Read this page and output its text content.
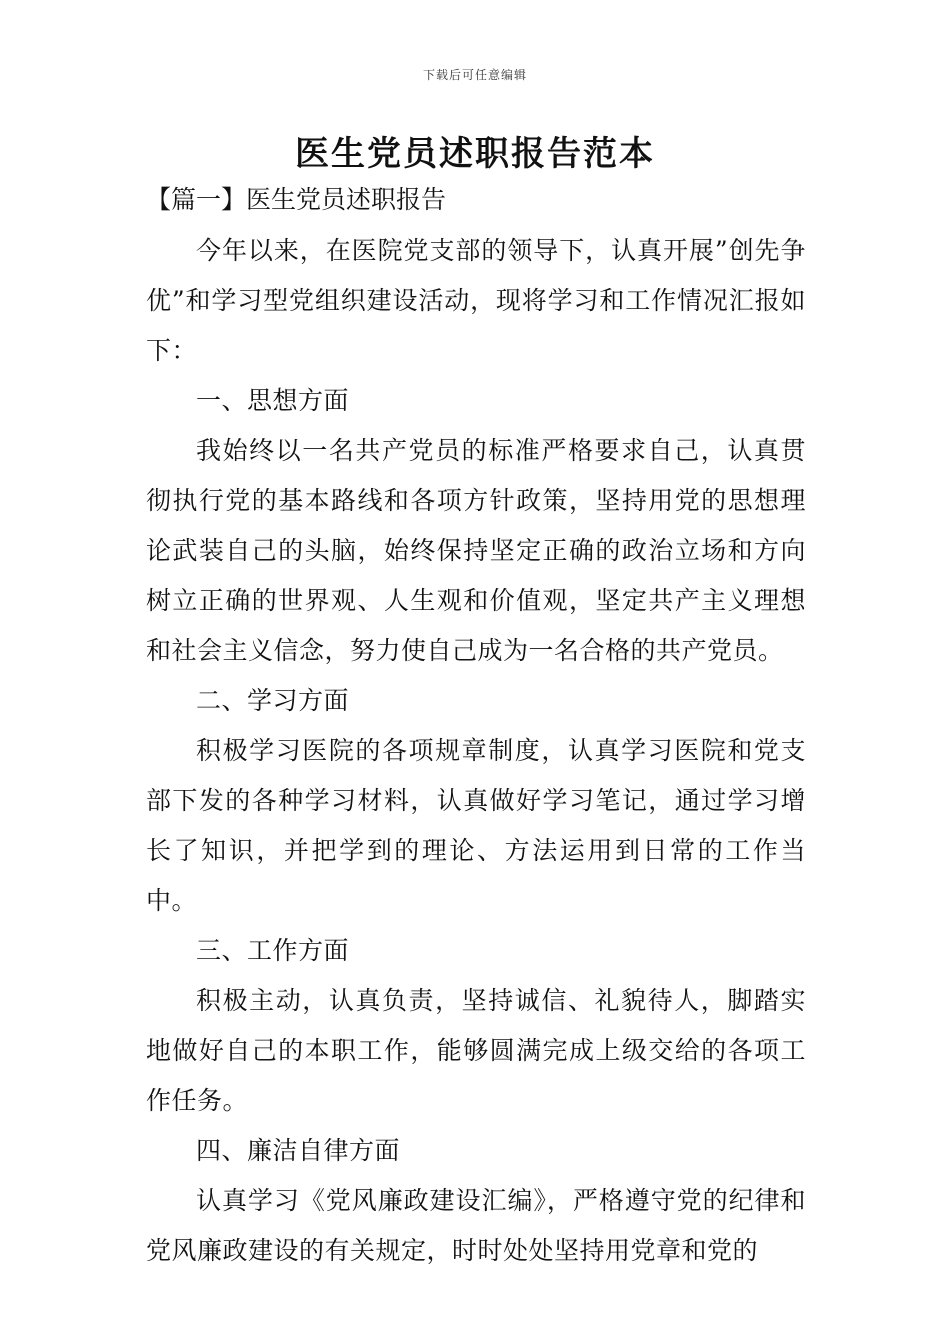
下载后可任意编辑
医生党员述职报告范本

【篇一】医生党员述职报告

今年以来，在医院党支部的领导下，认真开展”创先争优”和学习型党组织建设活动，现将学习和工作情况汇报如下：

一、思想方面

我始终以一名共产党员的标准严格要求自己，认真贯彻执行党的基本路线和各项方针政策，坚持用党的思想理论武装自己的头脑，始终保持坚定正确的政治立场和方向树立正确的世界观、人生观和价值观，坚定共产主义理想和社会主义信念，努力使自己成为一名合格的共产党员。

二、学习方面

积极学习医院的各项规章制度，认真学习医院和党支部下发的各种学习材料，认真做好学习笔记，通过学习增长了知识，并把学到的理论、方法运用到日常的工作当中。

三、工作方面

积极主动，认真负责，坚持诚信、礼貌待人，脚踏实地做好自己的本职工作，能够圆满完成上级交给的各项工作任务。

四、廉洁自律方面

认真学习《党风廉政建设汇编》，严格遵守党的纪律和党风廉政建设的有关规定，时时处处坚持用党章和党的
